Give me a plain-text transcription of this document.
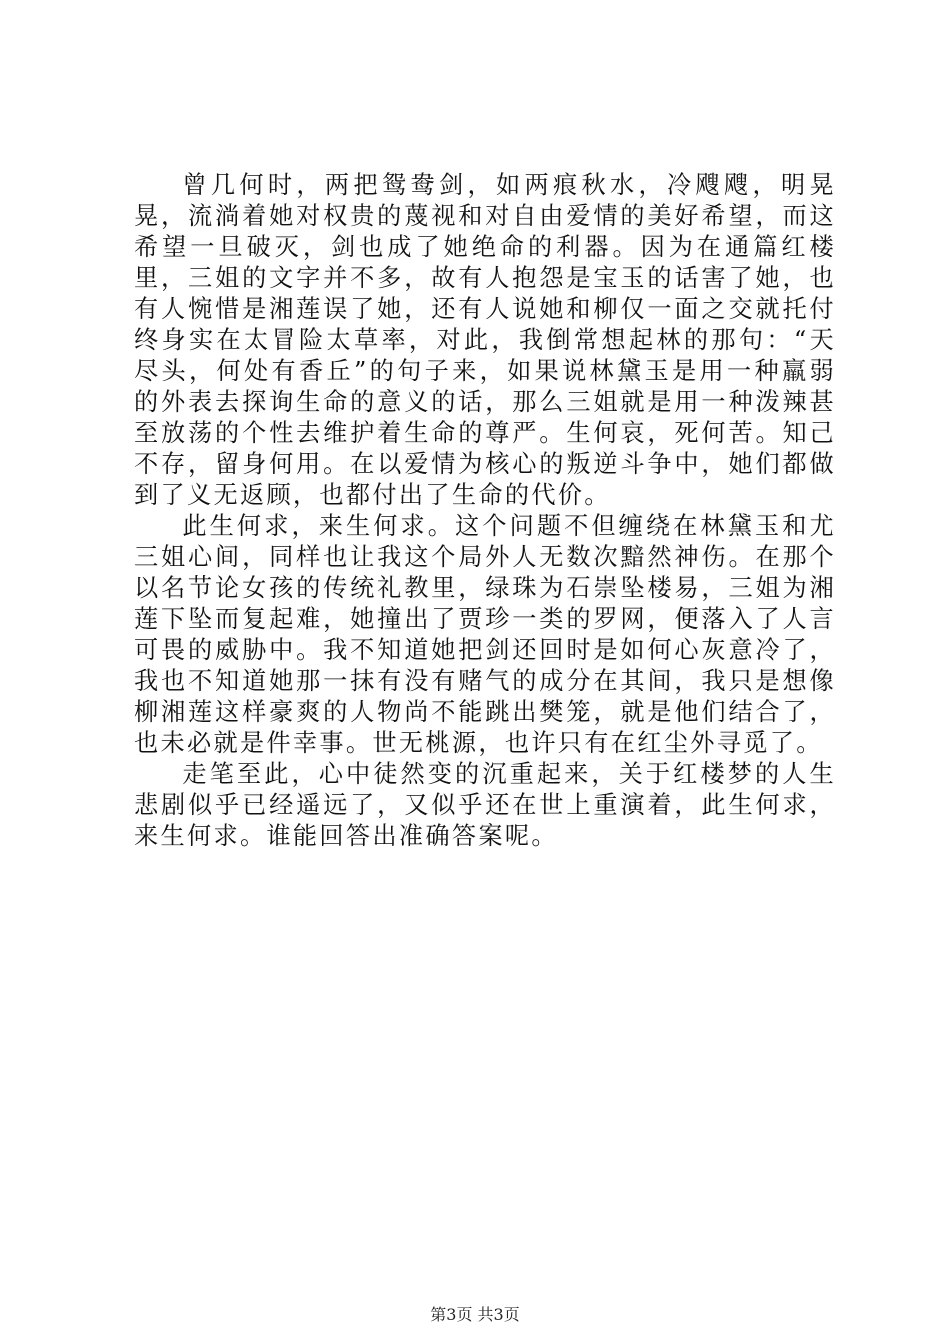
曾几何时，两把鸳鸯剑，如两痕秋水，冷飕飕，明晃晃，流淌着她对权贵的蔑视和对自由爱情的美好希望，而这希望一旦破灭，剑也成了她绝命的利器。因为在通篇红楼里，三姐的文字并不多，故有人抱怨是宝玉的话害了她，也有人惋惜是湘莲误了她，还有人说她和柳仅一面之交就托付终身实在太冒险太草率，对此，我倒常想起林的那句：“天尽头，何处有香丘”的句子来，如果说林黛玉是用一种羸弱的外表去探询生命的意义的话，那么三姐就是用一种泼辣甚至放荡的个性去维护着生命的尊严。生何哀，死何苦。知己不存，留身何用。在以爱情为核心的叛逆斗争中，她们都做到了义无返顾，也都付出了生命的代价。

此生何求，来生何求。这个问题不但缠绕在林黛玉和尤三姐心间，同样也让我这个局外人无数次黯然神伤。在那个以名节论女孩的传统礼教里，绿珠为石崇坠楼易，三姐为湘莲下坠而复起难，她撞出了贾珍一类的罗网，便落入了人言可畏的威胁中。我不知道她把剑还回时是如何心灰意冷了，我也不知道她那一抹有没有赌气的成分在其间，我只是想像柳湘莲这样豪爽的人物尚不能跳出樊笼，就是他们结合了，也未必就是件幸事。世无桃源，也许只有在红尘外寻觅了。

走笔至此，心中徒然变的沉重起来，关于红楼梦的人生悲剧似乎已经遥远了，又似乎还在世上重演着，此生何求，来生何求。谁能回答出准确答案呢。

第3页 共3页
